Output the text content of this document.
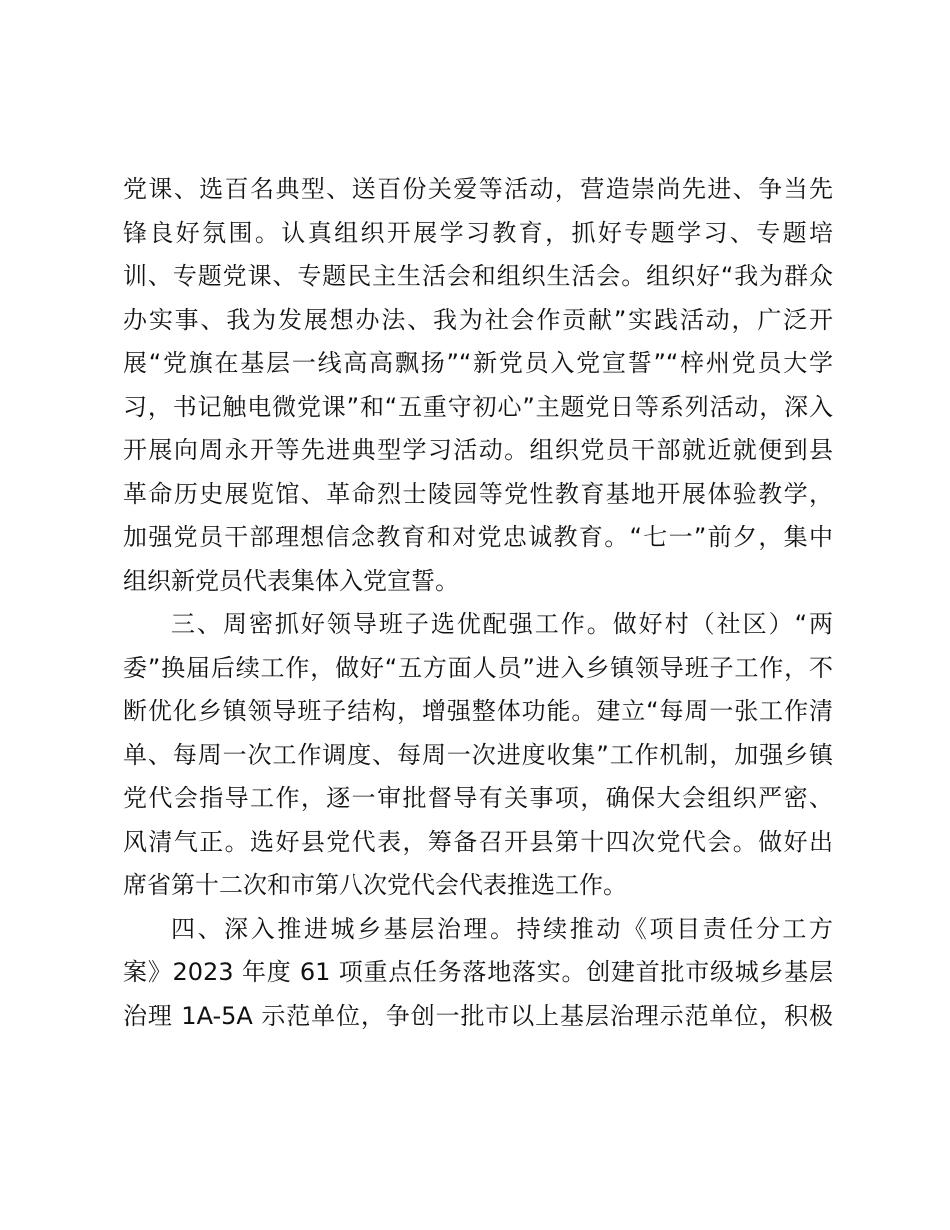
党课、选百名典型、送百份关爱等活动，营造崇尚先进、争当先
锋良好氛围。认真组织开展学习教育，抓好专题学习、专题培
训、专题党课、专题民主生活会和组织生活会。组织好“我为群众
办实事、我为发展想办法、我为社会作贡献”实践活动，广泛开
展“党旗在基层一线高高飘扬”“新党员入党宣誓”“梓州党员大学
习，书记触电微党课”和“五重守初心”主题党日等系列活动，深入
开展向周永开等先进典型学习活动。组织党员干部就近就便到县
革命历史展览馆、革命烈士陵园等党性教育基地开展体验教学，
加强党员干部理想信念教育和对党忠诚教育。“七一”前夕，集中
组织新党员代表集体入党宣誓。
三、周密抓好领导班子选优配强工作。做好村（社区）“两
委”换届后续工作，做好“五方面人员”进入乡镇领导班子工作，不
断优化乡镇领导班子结构，增强整体功能。建立“每周一张工作清
单、每周一次工作调度、每周一次进度收集”工作机制，加强乡镇
党代会指导工作，逐一审批督导有关事项，确保大会组织严密、
风清气正。选好县党代表，筹备召开县第十四次党代会。做好出
席省第十二次和市第八次党代会代表推选工作。
四、深入推进城乡基层治理。持续推动《项目责任分工方
案》2023 年度 61 项重点任务落地落实。创建首批市级城乡基层
治理 1A-5A 示范单位，争创一批市以上基层治理示范单位，积极
